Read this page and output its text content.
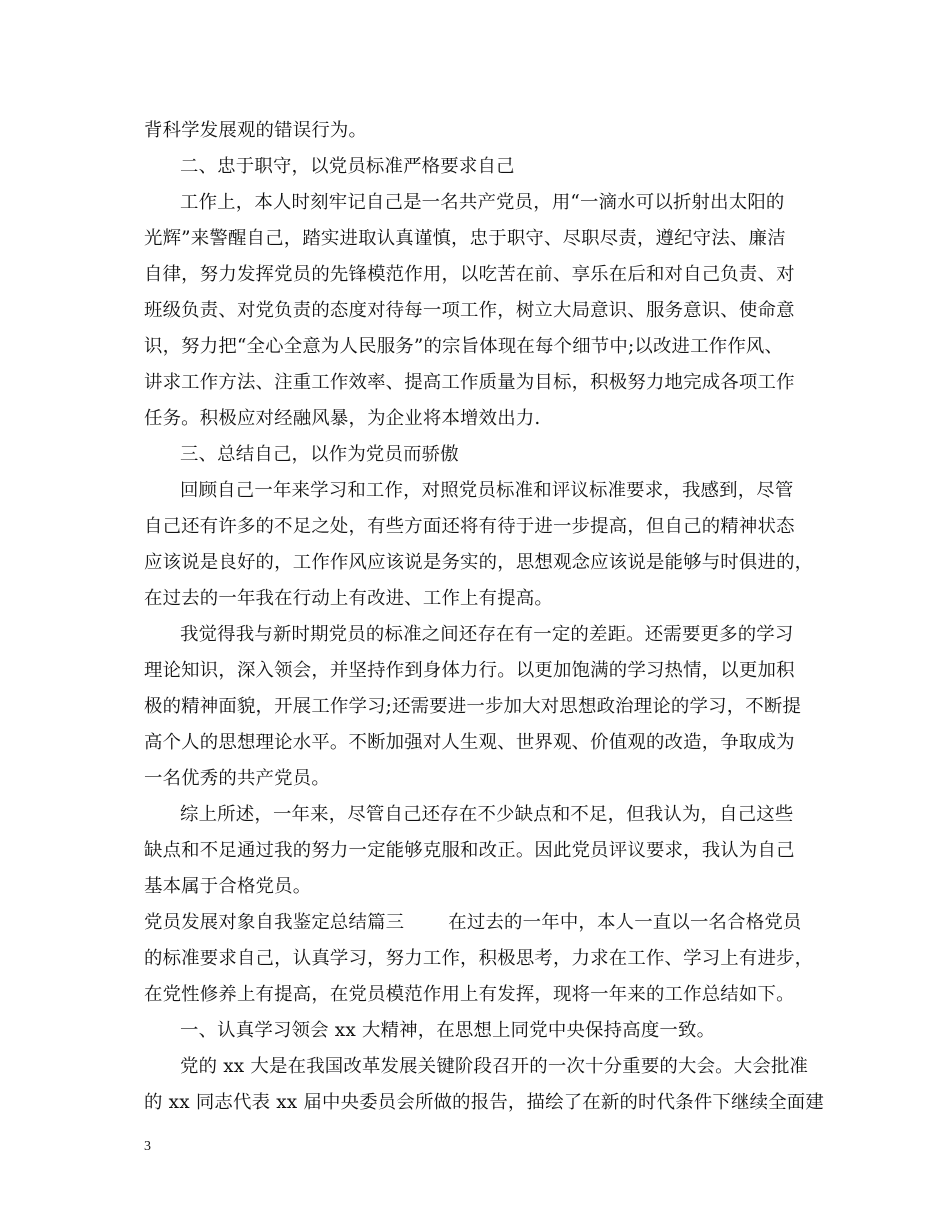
背科学发展观的错误行为。
二、忠于职守，以党员标准严格要求自己
工作上，本人时刻牢记自己是一名共产党员，用“一滴水可以折射出太阳的
光辉”来警醒自己，踏实进取认真谨慎，忠于职守、尽职尽责，遵纪守法、廉洁
自律，努力发挥党员的先锋模范作用，以吃苦在前、享乐在后和对自己负责、对
班级负责、对党负责的态度对待每一项工作，树立大局意识、服务意识、使命意
识，努力把“全心全意为人民服务”的宗旨体现在每个细节中;以改进工作作风、
讲求工作方法、注重工作效率、提高工作质量为目标，积极努力地完成各项工作
任务。积极应对经融风暴，为企业将本增效出力.
三、总结自己，以作为党员而骄傲
回顾自己一年来学习和工作，对照党员标准和评议标准要求，我感到，尽管
自己还有许多的不足之处，有些方面还将有待于进一步提高，但自己的精神状态
应该说是良好的，工作作风应该说是务实的，思想观念应该说是能够与时俱进的，
在过去的一年我在行动上有改进、工作上有提高。
我觉得我与新时期党员的标准之间还存在有一定的差距。还需要更多的学习
理论知识，深入领会，并坚持作到身体力行。以更加饱满的学习热情，以更加积
极的精神面貌，开展工作学习;还需要进一步加大对思想政治理论的学习，不断提
高个人的思想理论水平。不断加强对人生观、世界观、价值观的改造，争取成为
一名优秀的共产党员。
综上所述，一年来，尽管自己还存在不少缺点和不足，但我认为，自己这些
缺点和不足通过我的努力一定能够克服和改正。因此党员评议要求，我认为自己
基本属于合格党员。
党员发展对象自我鉴定总结篇三 在过去的一年中，本人一直以一名合格党员
的标准要求自己，认真学习，努力工作，积极思考，力求在工作、学习上有进步，
在党性修养上有提高，在党员模范作用上有发挥，现将一年来的工作总结如下。
一、认真学习领会 xx 大精神，在思想上同党中央保持高度一致。
党的 xx 大是在我国改革发展关键阶段召开的一次十分重要的大会。大会批准
的 xx 同志代表 xx 届中央委员会所做的报告，描绘了在新的时代条件下继续全面建
3
